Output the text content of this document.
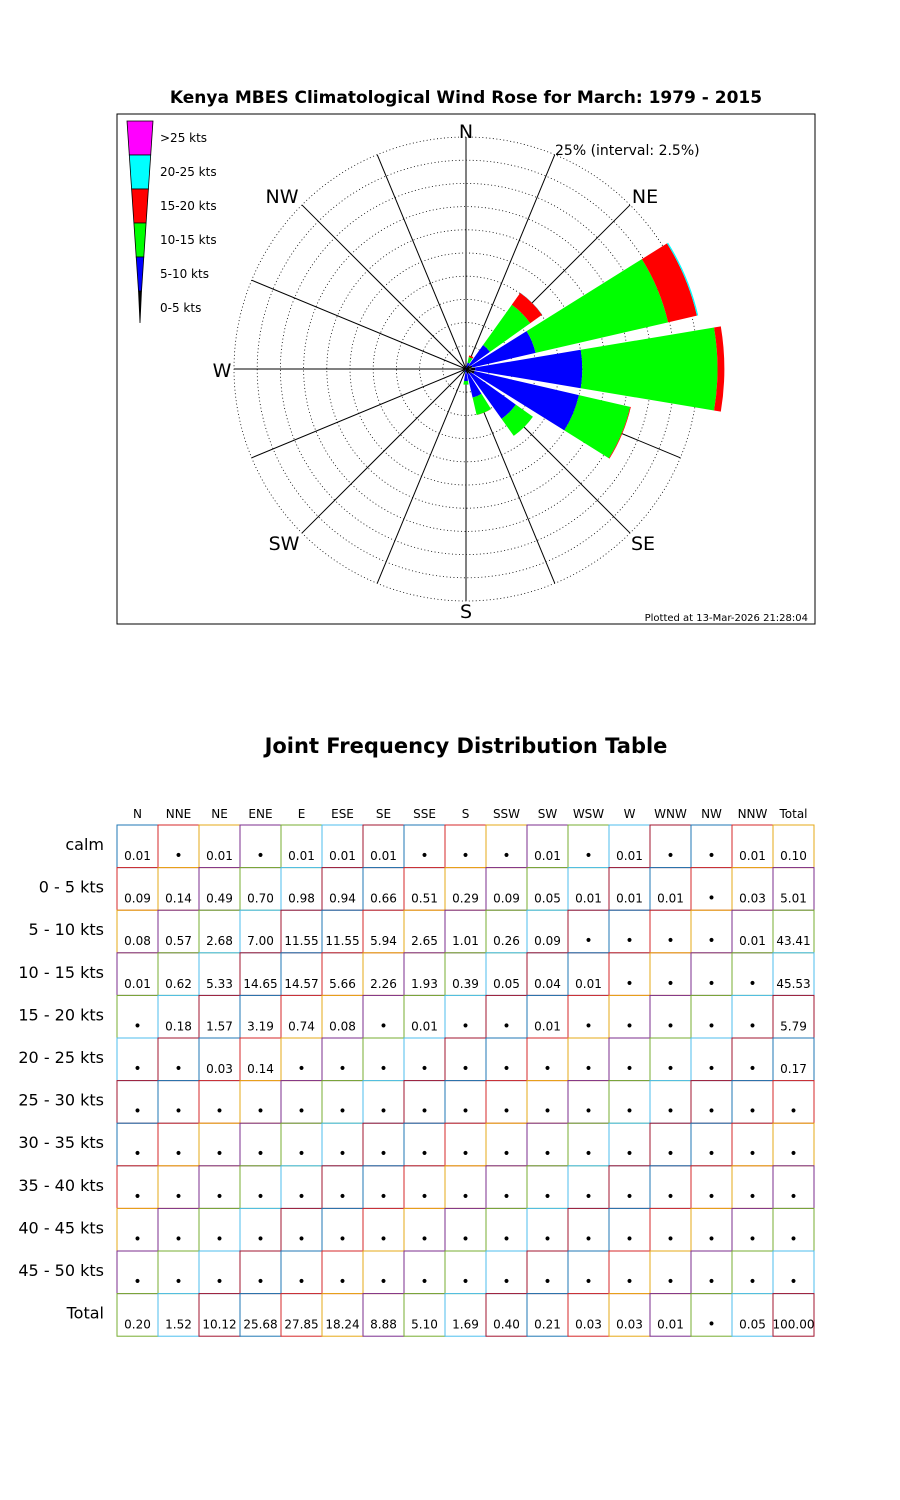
Kenya MBES Climatological Wind Rose for March: 1979 - 2015
N
NE
SE
S
SW
W
NW
>25 kts
20-25 kts
15-20 kts
10-15 kts
5-10 kts
0-5 kts
25% (interval: 2.5%)
Plotted at 13-Mar-2026 21:28:04
Joint Frequency Distribution Table
N NNE NE ENE E ESE SE SSE S SSW SW WSW W WNW NW NNW Total
calm
0 - 5 kts
5 - 10 kts
10 - 15 kts
15 - 20 kts
20 - 25 kts
25 - 30 kts
30 - 35 kts
35 - 40 kts
40 - 45 kts
45 - 50 kts
Total
0.01 • 0.01 • 0.01 0.01 0.01 • • • 0.01 • 0.01 • • 0.01 0.10
0.09 0.14 0.49 0.70 0.98 0.94 0.66 0.51 0.29 0.09 0.05 0.01 0.01 0.01 • 0.03 5.01
0.08 0.57 2.68 7.00 11.55 11.55 5.94 2.65 1.01 0.26 0.09 • • • • 0.01 43.41
0.01 0.62 5.33 14.65 14.57 5.66 2.26 1.93 0.39 0.05 0.04 0.01 • • • • 45.53
• 0.18 1.57 3.19 0.74 0.08 • 0.01 • • 0.01 • • • • • 5.79
• • 0.03 0.14 • • • • • • • • • • • • 0.17
• • • • • • • • • • • • • • • • •
• • • • • • • • • • • • • • • • •
• • • • • • • • • • • • • • • • •
• • • • • • • • • • • • • • • • •
• • • • • • • • • • • • • • • • •
0.20 1.52 10.12 25.68 27.85 18.24 8.88 5.10 1.69 0.40 0.21 0.03 0.03 0.01 • 0.05 100.00
